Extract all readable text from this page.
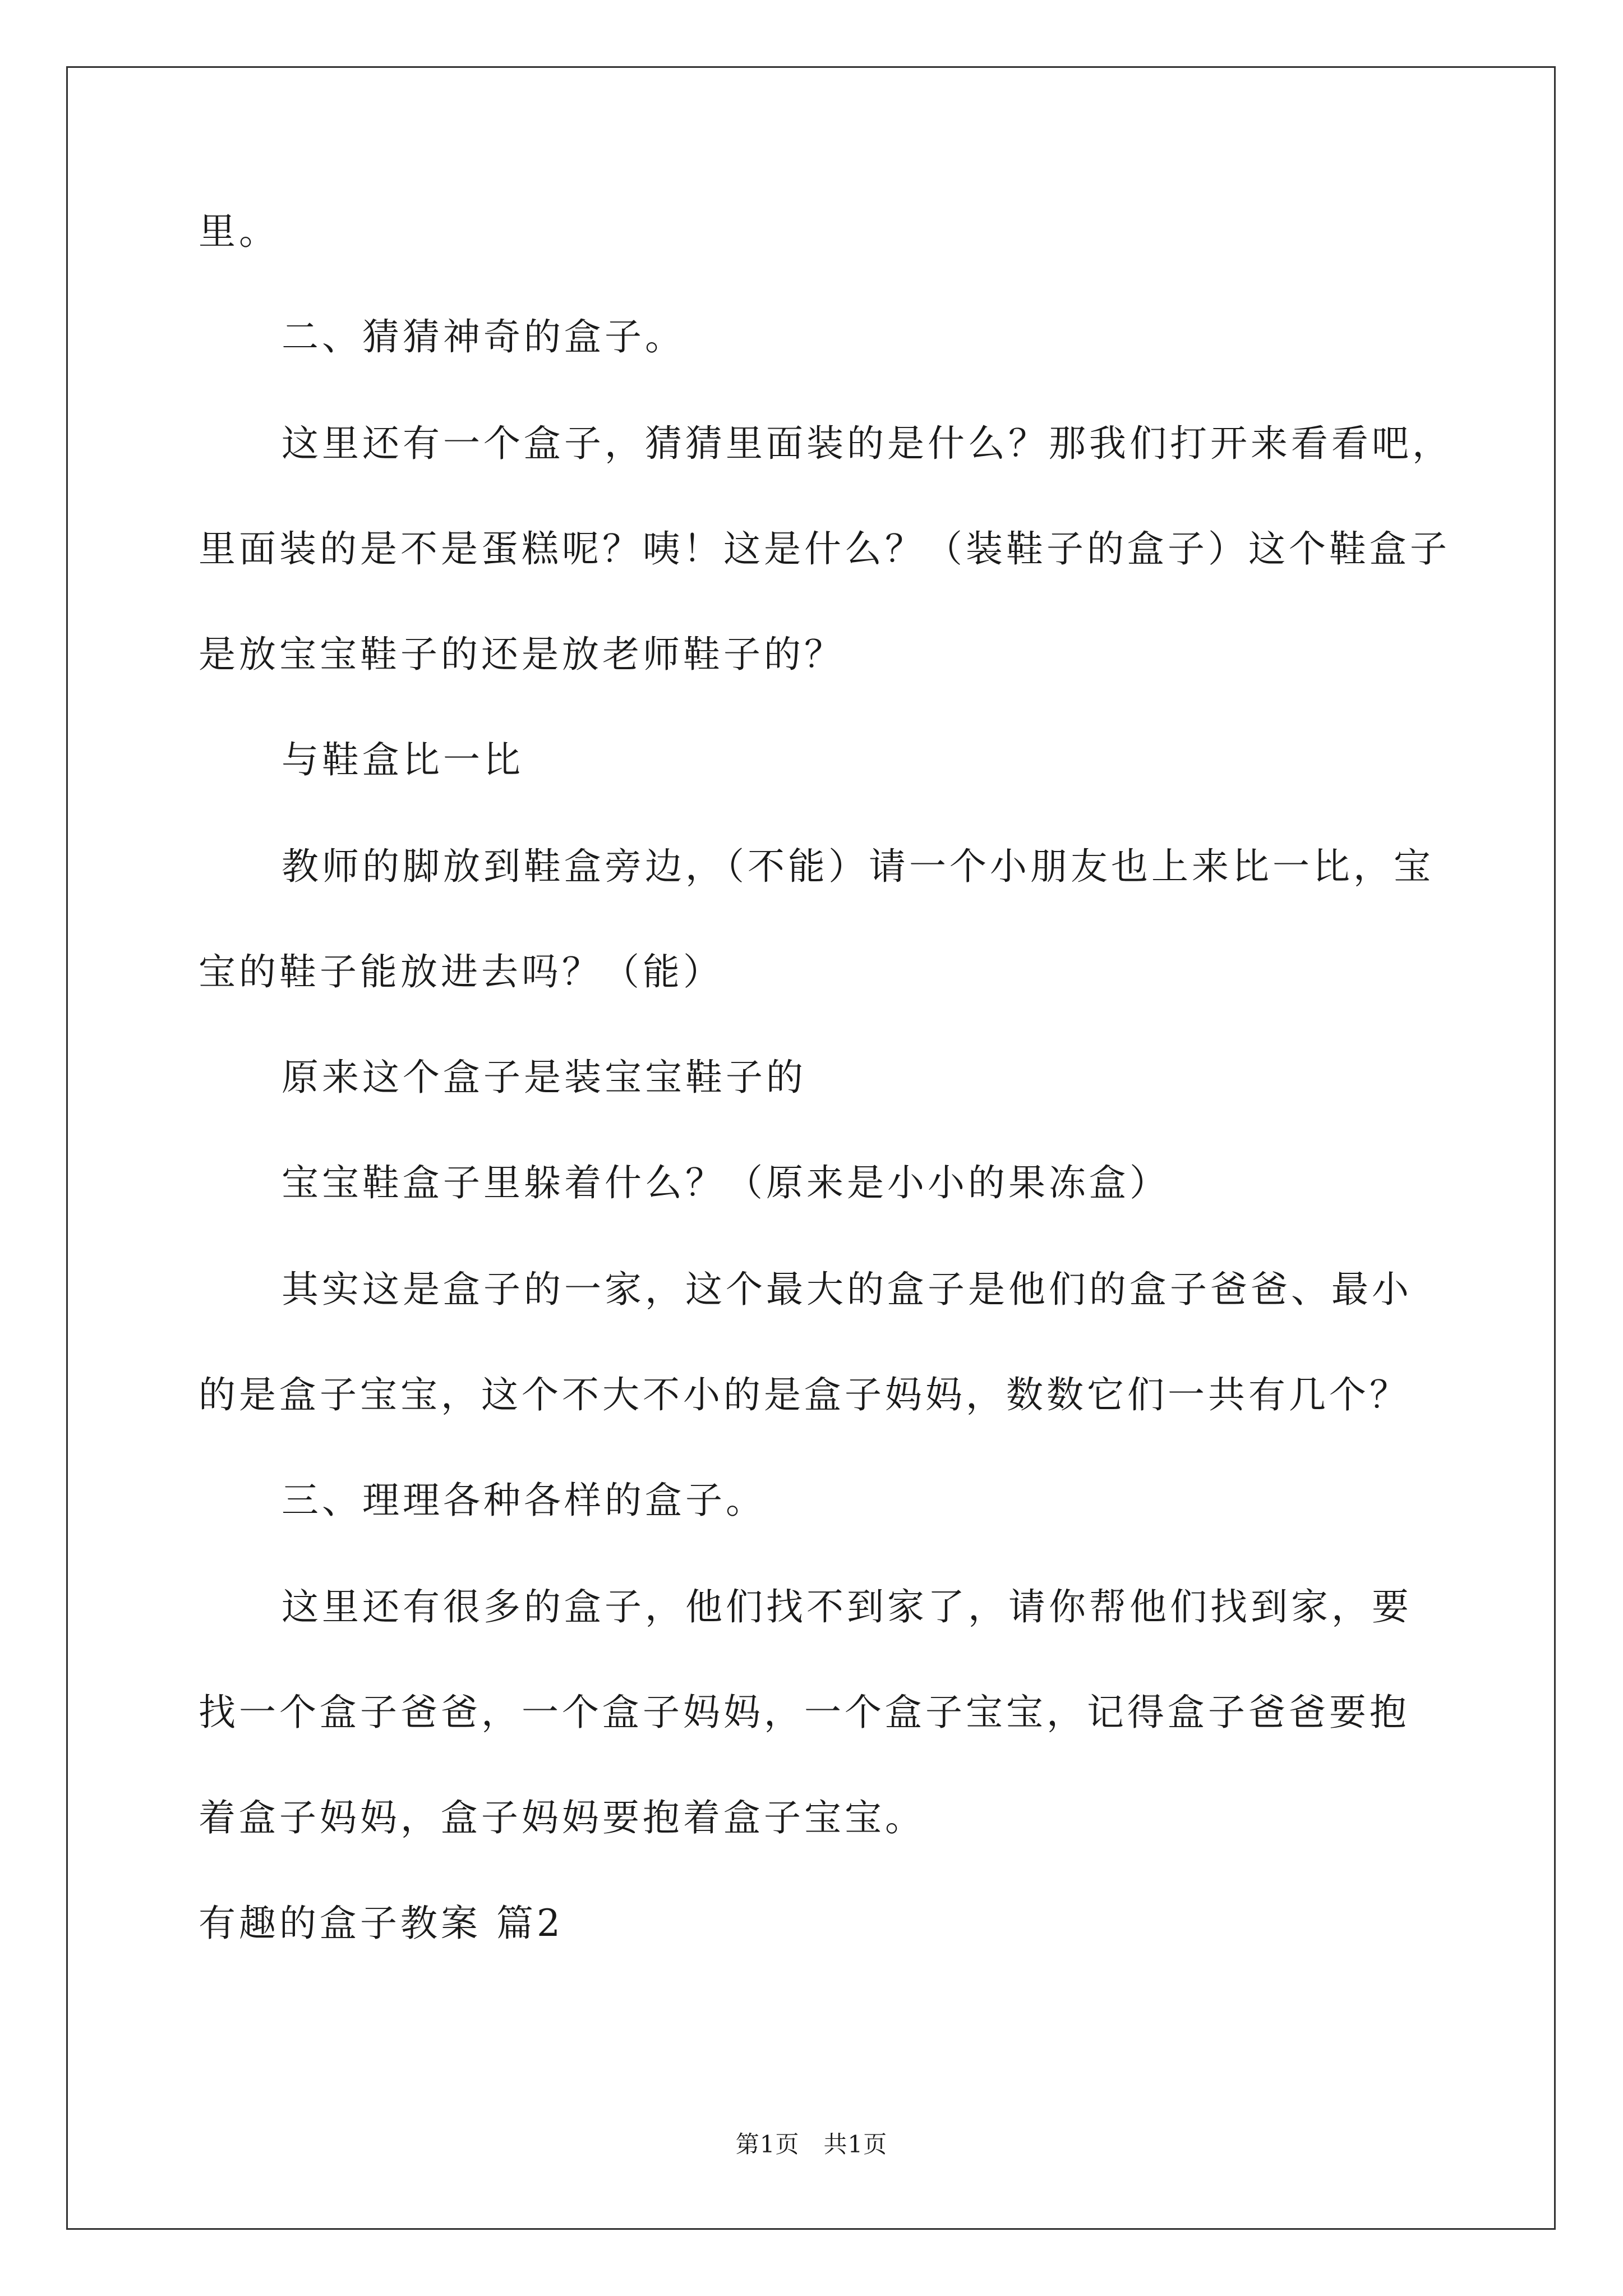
里。
二、猜猜神奇的盒子。
这里还有一个盒子，猜猜里面装的是什么？那我们打开来看看吧，
里面装的是不是蛋糕呢？咦！这是什么？（装鞋子的盒子）这个鞋盒子
是放宝宝鞋子的还是放老师鞋子的？
与鞋盒比一比
教师的脚放到鞋盒旁边，（不能）请一个小朋友也上来比一比，宝
宝的鞋子能放进去吗？（能）
原来这个盒子是装宝宝鞋子的
宝宝鞋盒子里躲着什么？（原来是小小的果冻盒）
其实这是盒子的一家，这个最大的盒子是他们的盒子爸爸、最小
的是盒子宝宝，这个不大不小的是盒子妈妈，数数它们一共有几个？
三、理理各种各样的盒子。
这里还有很多的盒子，他们找不到家了，请你帮他们找到家，要
找一个盒子爸爸，一个盒子妈妈，一个盒子宝宝，记得盒子爸爸要抱
着盒子妈妈，盒子妈妈要抱着盒子宝宝。
有趣的盒子教案 篇2
第1页　共1页
